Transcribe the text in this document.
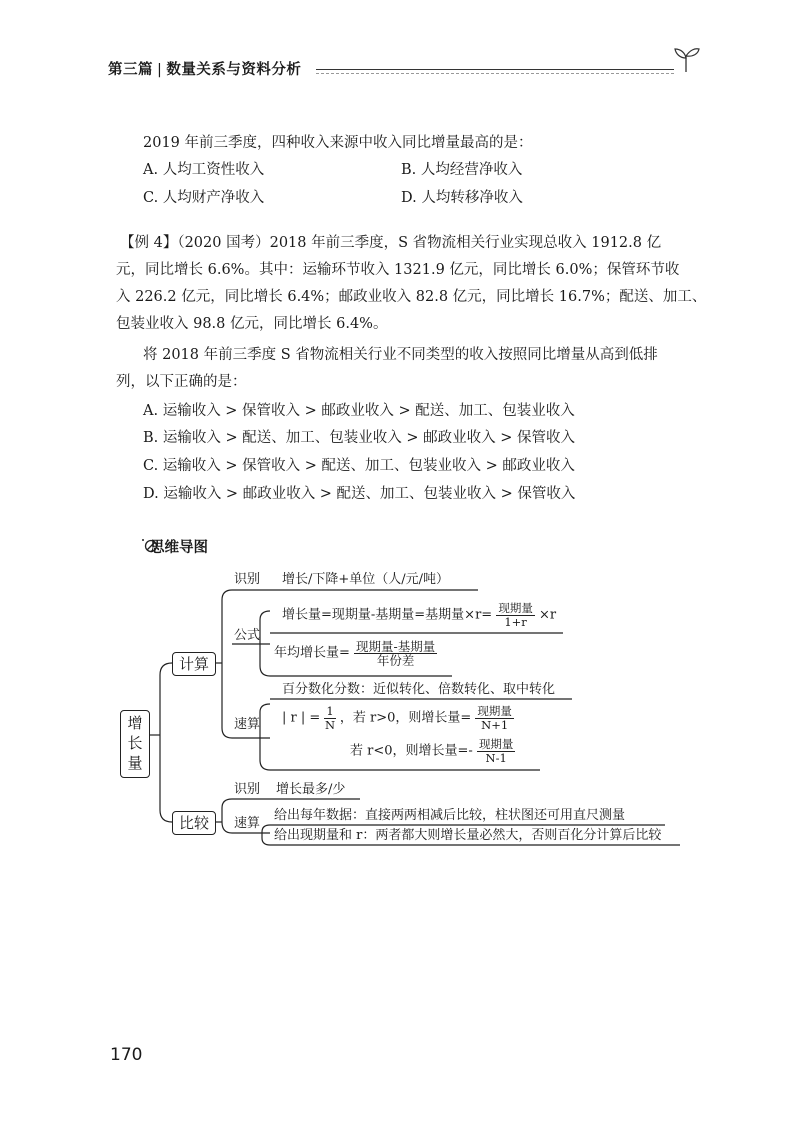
第三篇 | 数量关系与资料分析
2019 年前三季度，四种收入来源中收入同比增量最高的是：
A. 人均工资性收入	B. 人均经营净收入
C. 人均财产净收入	D. 人均转移净收入
【例 4】（2020 国考）2018 年前三季度，S 省物流相关行业实现总收入 1912.8 亿
元，同比增长 6.6%。其中：运输环节收入 1321.9 亿元，同比增长 6.0%；保管环节收
入 226.2 亿元，同比增长 6.4%；邮政业收入 82.8 亿元，同比增长 16.7%；配送、加工、
包装业收入 98.8 亿元，同比增长 6.4%。
将 2018 年前三季度 S 省物流相关行业不同类型的收入按照同比增量从高到低排
列，以下正确的是：
A. 运输收入 > 保管收入 > 邮政业收入 > 配送、加工、包装业收入
B. 运输收入 > 配送、加工、包装业收入 > 邮政业收入 > 保管收入
C. 运输收入 > 保管收入 > 配送、加工、包装业收入 > 邮政业收入
D. 运输收入 > 邮政业收入 > 配送、加工、包装业收入 > 保管收入
思维导图
增长量
计算
比较
识别 增长/下降+单位（人/元/吨）
公式
增长量=现期量-基期量=基期量$\times r= \frac{\text{现期量}}{1+r} \times r$
年均增长量= $\frac{\text{现期量-基期量}}{\text{年份差}}$
速算
百分数化分数：近似转化、倍数转化、取中转化
| r | = $\frac{1}{N}$ ，若 r>0，则增长量= $\frac{\text{现期量}}{N+1}$
若 r<0，则增长量=- $\frac{\text{现期量}}{N-1}$
识别 增长最多/少
速算
给出每年数据：直接两两相减后比较，柱状图还可用直尺测量
给出现期量和 r：两者都大则增长量必然大，否则百化分计算后比较
170
